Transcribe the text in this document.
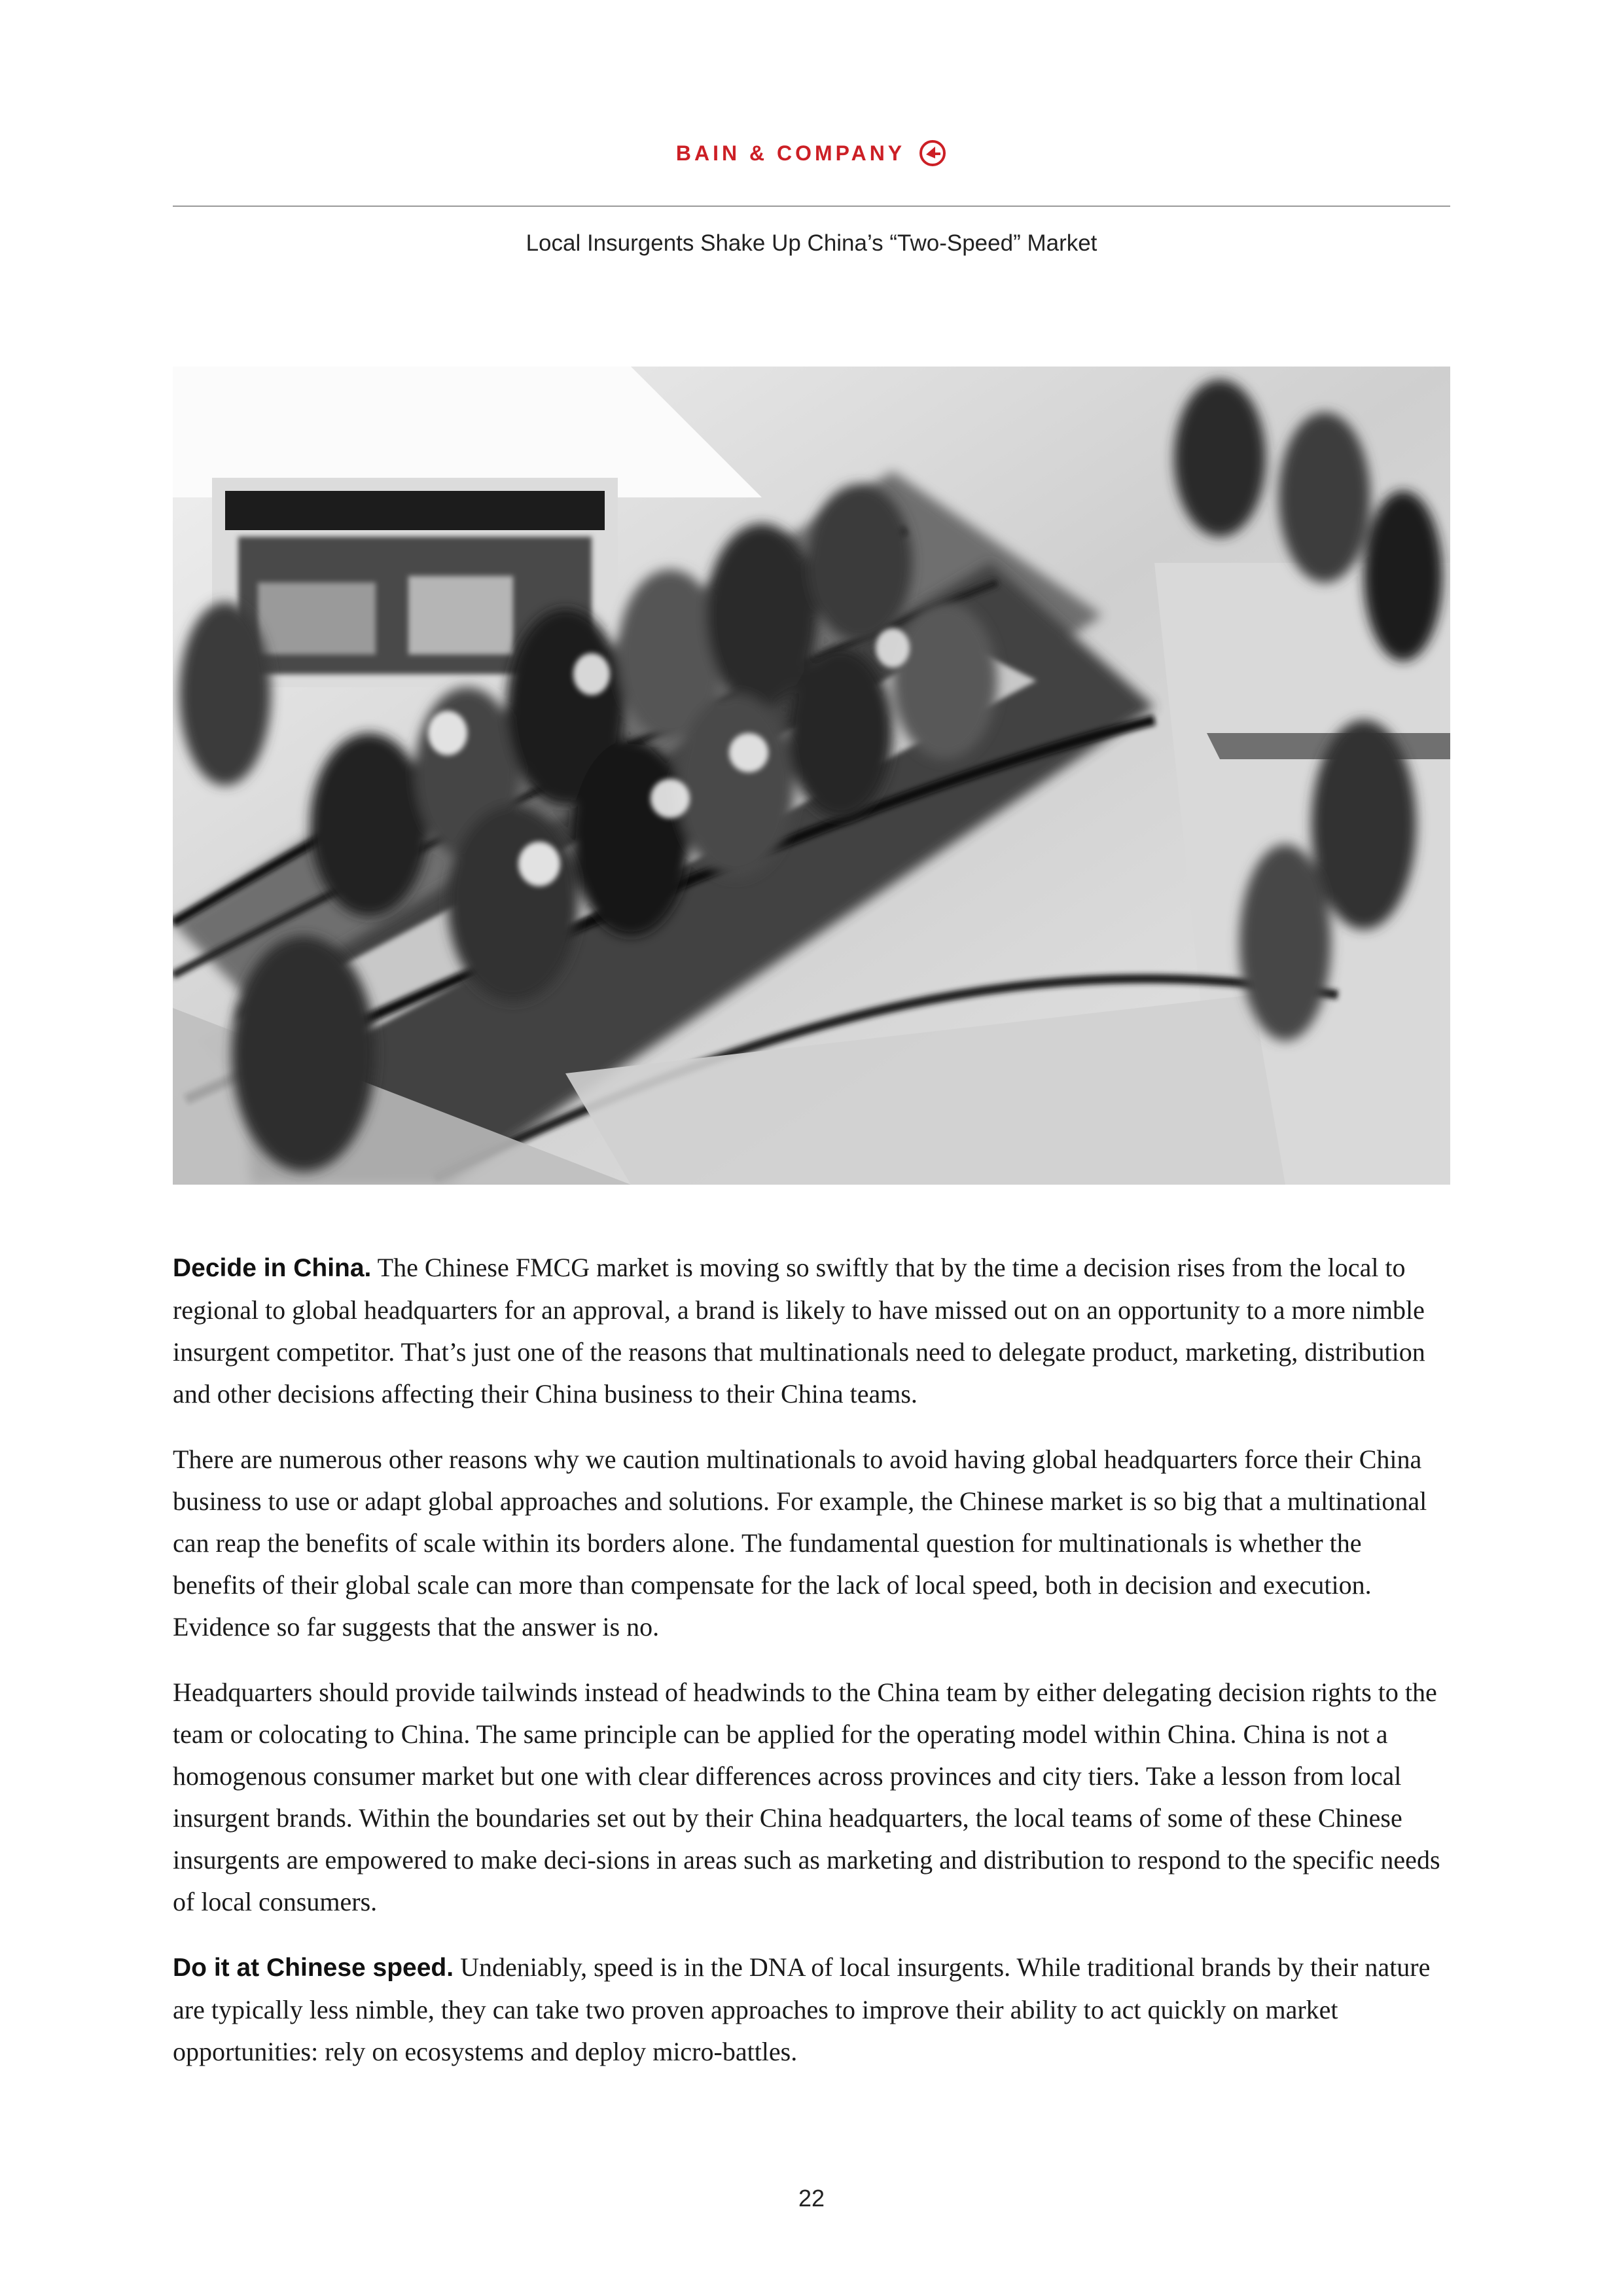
BAIN & COMPANY
Local Insurgents Shake Up China’s “Two-Speed” Market

Decide in China. The Chinese FMCG market is moving so swiftly that by the time a decision rises from the local to regional to global headquarters for an approval, a brand is likely to have missed out on an opportunity to a more nimble insurgent competitor. That’s just one of the reasons that multinationals need to delegate product, marketing, distribution and other decisions affecting their China business to their China teams.

There are numerous other reasons why we caution multinationals to avoid having global headquarters force their China business to use or adapt global approaches and solutions. For example, the Chinese market is so big that a multinational can reap the benefits of scale within its borders alone. The fundamental question for multinationals is whether the benefits of their global scale can more than compensate for the lack of local speed, both in decision and execution. Evidence so far suggests that the answer is no.

Headquarters should provide tailwinds instead of headwinds to the China team by either delegating decision rights to the team or colocating to China. The same principle can be applied for the operating model within China. China is not a homogenous consumer market but one with clear differences across provinces and city tiers. Take a lesson from local insurgent brands. Within the boundaries set out by their China headquarters, the local teams of some of these Chinese insurgents are empowered to make deci-sions in areas such as marketing and distribution to respond to the specific needs of local consumers.

Do it at Chinese speed. Undeniably, speed is in the DNA of local insurgents. While traditional brands by their nature are typically less nimble, they can take two proven approaches to improve their ability to act quickly on market opportunities: rely on ecosystems and deploy micro-battles.

22
